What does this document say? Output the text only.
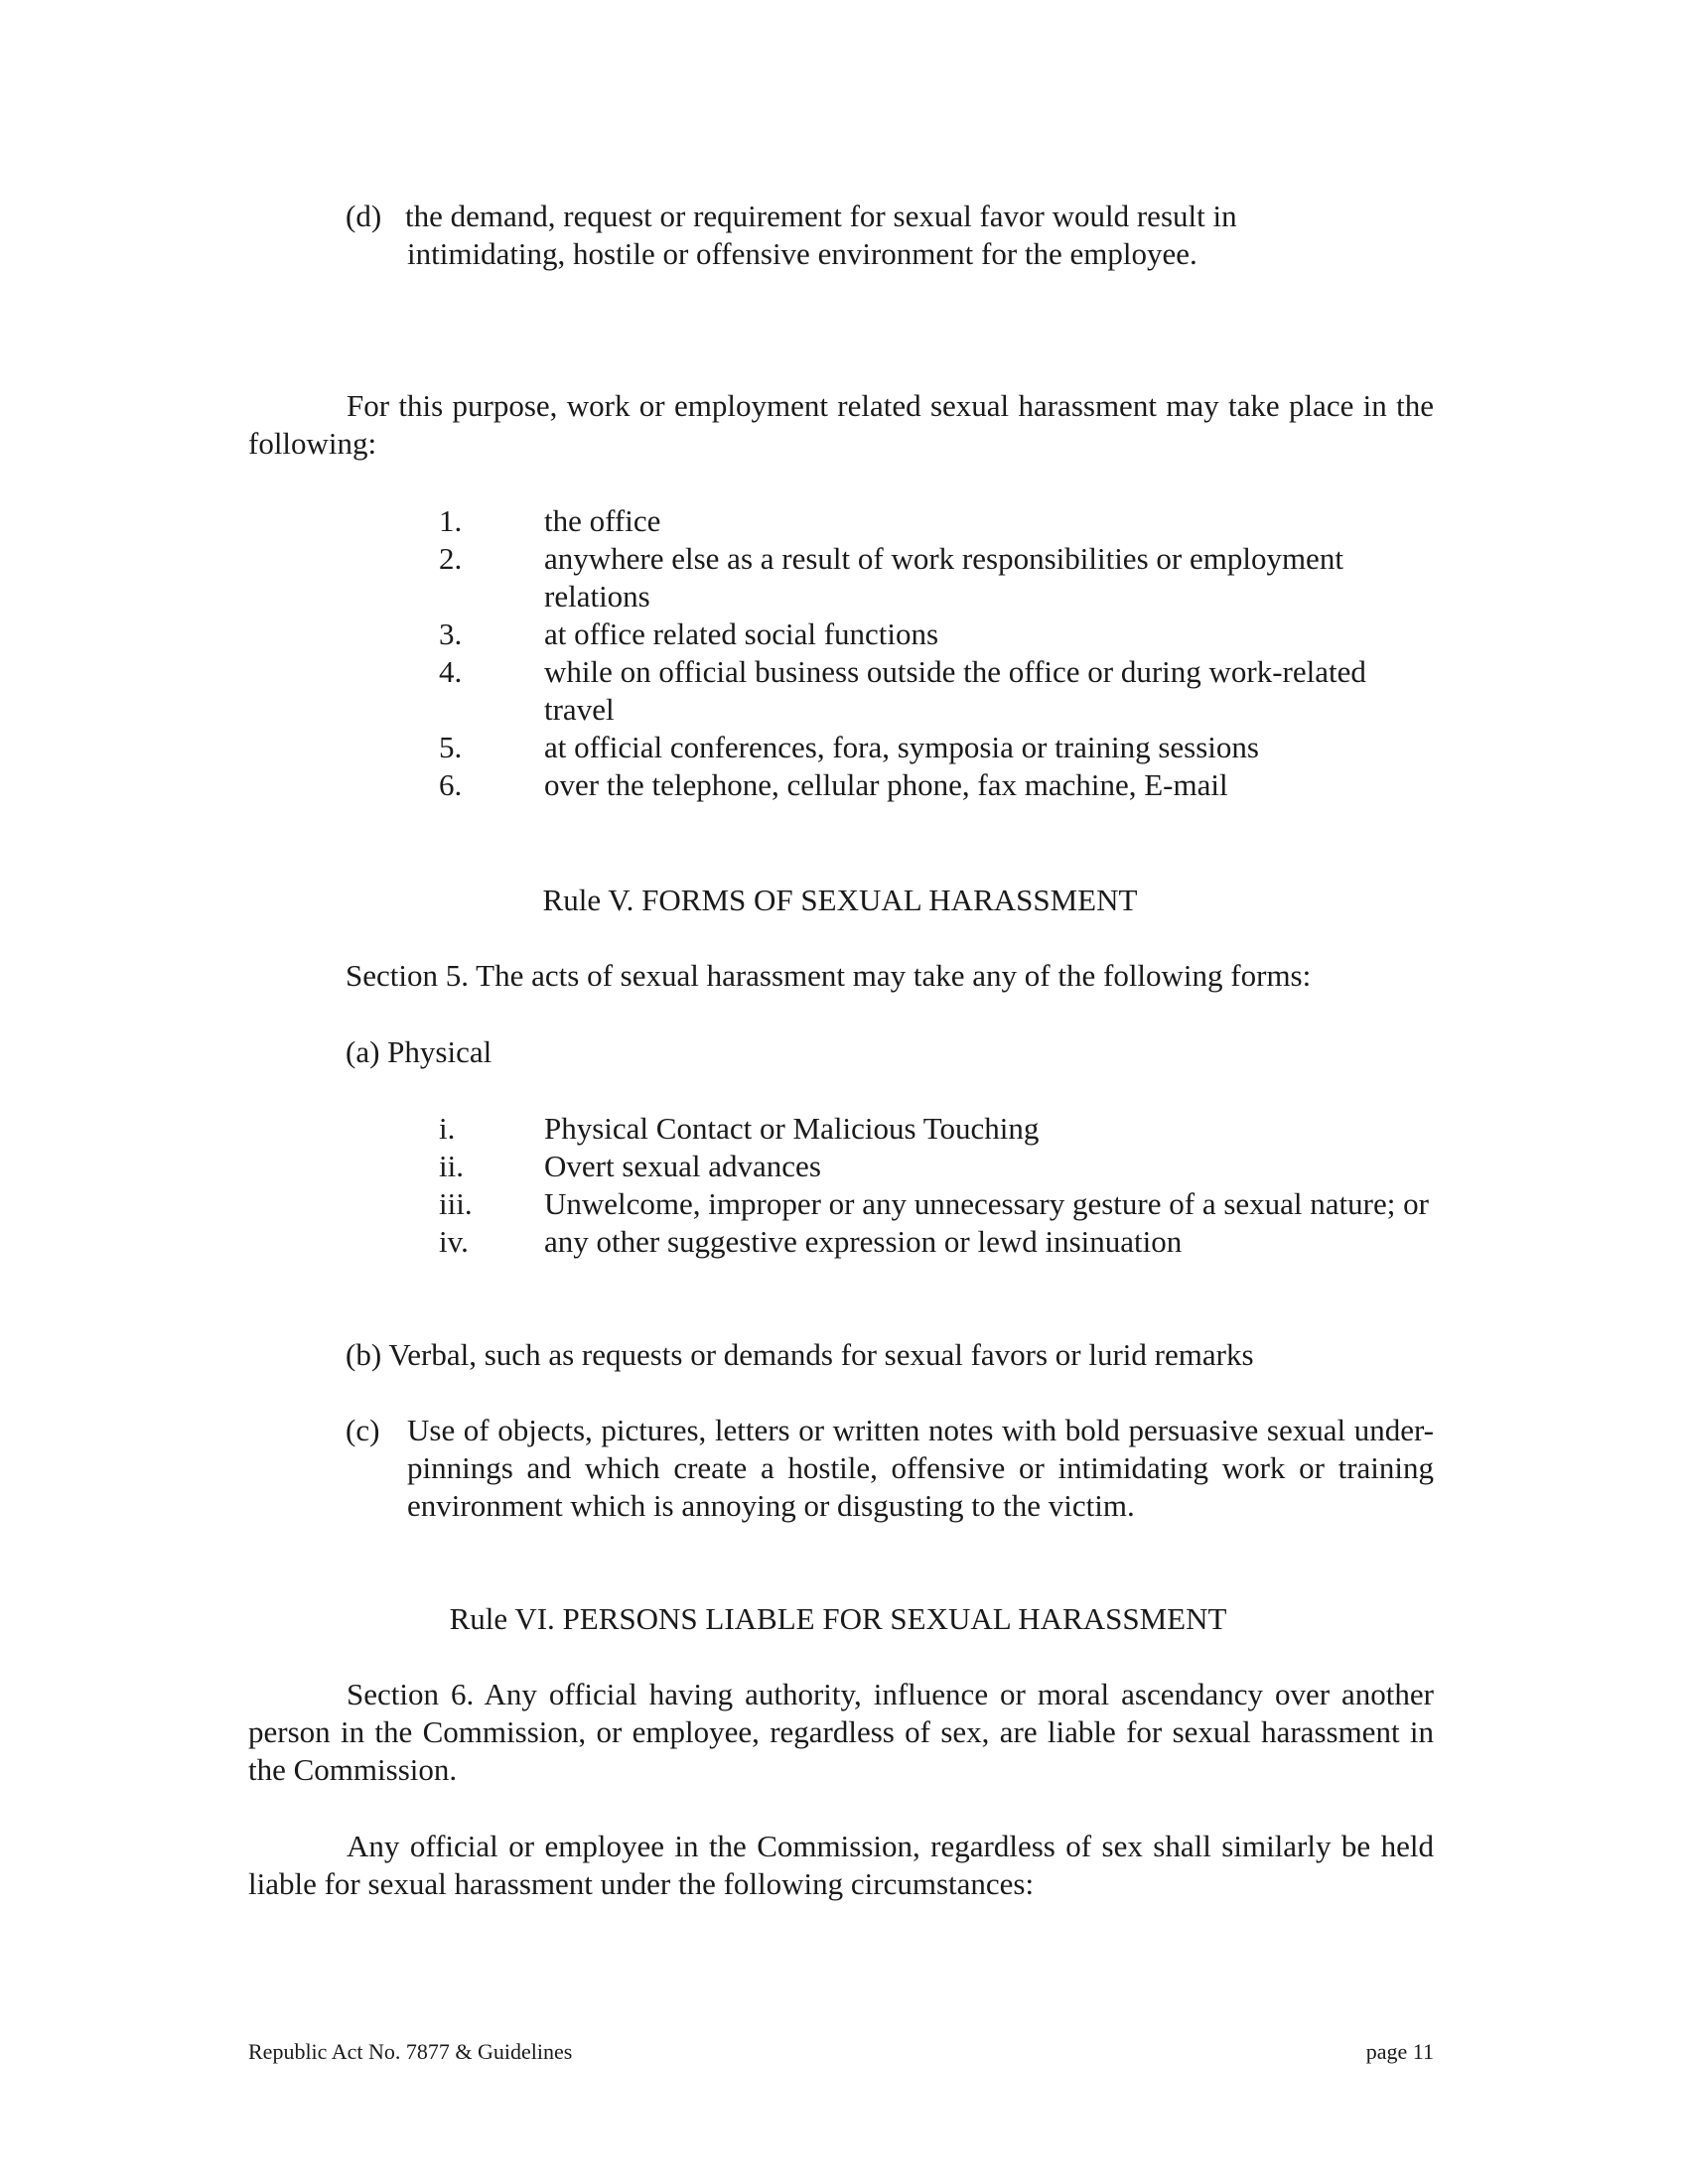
(d) the demand, request or requirement for sexual favor would result in
intimidating, hostile or offensive environment for the employee.
For this purpose, work or employment related sexual harassment may take place in the following:
1.	the office
2.	anywhere else as a result of work responsibilities or employment relations
3.	at office related social functions
4.	while on official business outside the office or during work-related travel
5.	at official conferences, fora, symposia or training sessions
6.	over the telephone, cellular phone, fax machine, E-mail
Rule V. FORMS OF SEXUAL HARASSMENT
Section 5. The acts of sexual harassment may take any of the following forms:
(a) Physical
i.	Physical Contact or Malicious Touching
ii.	Overt sexual advances
iii.	Unwelcome, improper or any unnecessary gesture of a sexual nature; or
iv.	any other suggestive expression or lewd insinuation
(b) Verbal, such as requests or demands for sexual favors or lurid remarks
(c) Use of objects, pictures, letters or written notes with bold persuasive sexual under-pinnings and which create a hostile, offensive or intimidating work or training environment which is annoying or disgusting to the victim.
Rule VI. PERSONS LIABLE FOR SEXUAL HARASSMENT
Section 6. Any official having authority, influence or moral ascendancy over another person in the Commission, or employee, regardless of sex, are liable for sexual harassment in the Commission.
Any official or employee in the Commission, regardless of sex shall similarly be held liable for sexual harassment under the following circumstances:
Republic Act No. 7877 & Guidelines	page 11
